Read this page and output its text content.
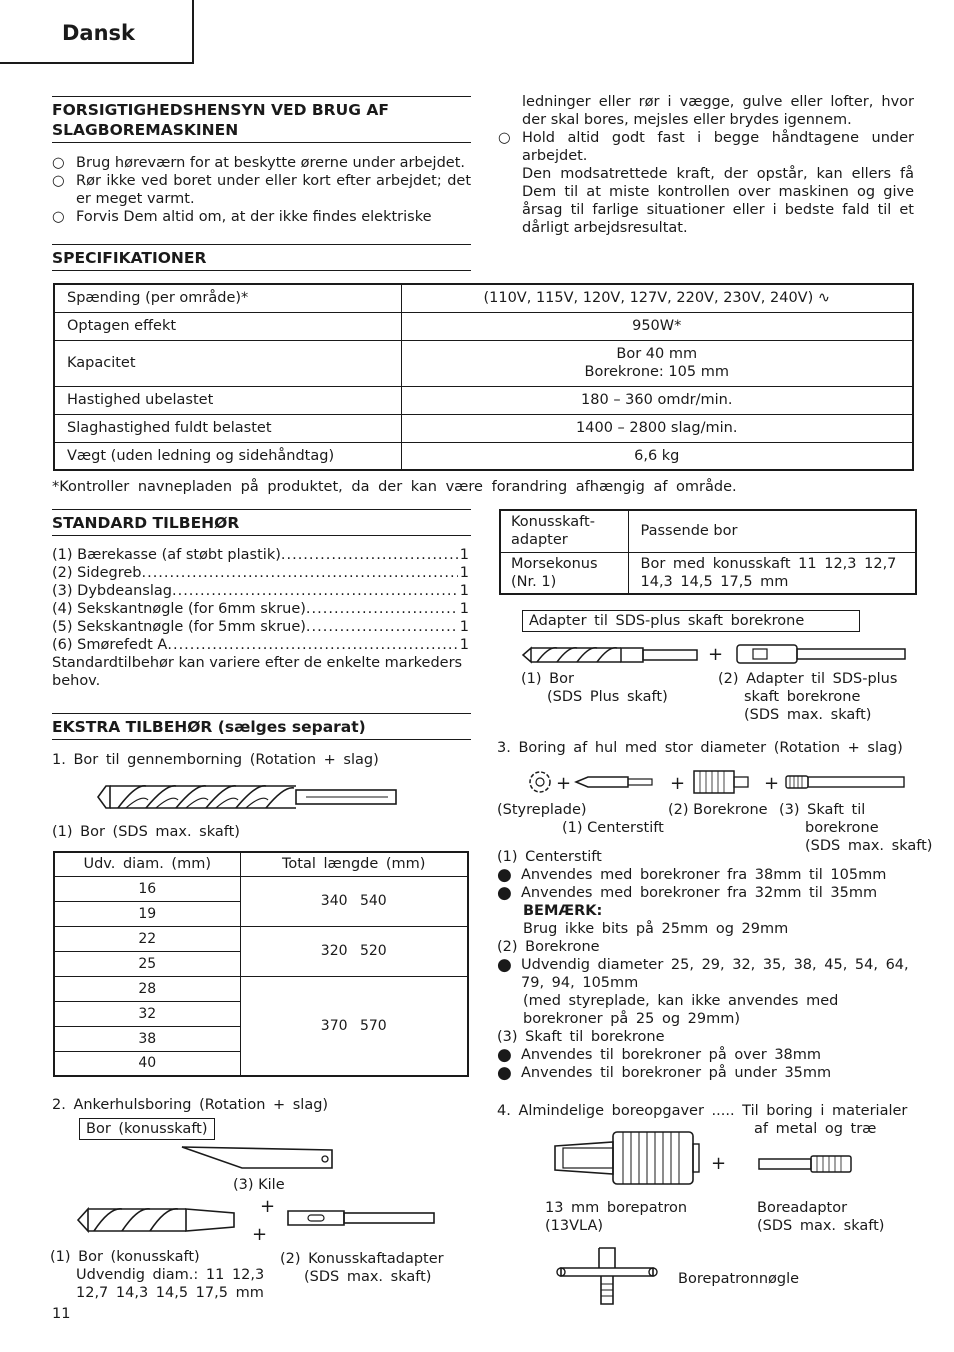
Dansk
FORSIGTIGHEDSHENSYN VED BRUG AF
SLAGBOREMASKINEN
○ Brug høreværn for at beskytte ørerne under arbejdet.
○ Rør ikke ved boret under eller kort efter arbejdet; det er meget varmt.
○ Forvis Dem altid om, at der ikke findes elektriske
ledninger eller rør i vægge, gulve eller lofter, hvor der skal bores, mejsles eller brydes igennem.
○ Hold altid godt fast i begge håndtagene under arbejdet.
Den modsatrettede kraft, der opstår, kan ellers få Dem til at miste kontrollen over maskinen og give årsag til farlige situationer eller i bedste fald til et dårligt arbejdsresultat.
SPECIFIKATIONER
Spænding (per område)*	(110V, 115V, 120V, 127V, 220V, 230V, 240V) ∿
Optagen effekt	950W*
Kapacitet	Bor 40 mm
Borekrone: 105 mm

Hastighed ubelastet	180 – 360 omdr/min.
Slaghastighed fuldt belastet	1400 – 2800 slag/min.
Vægt (uden ledning og sidehåndtag)	6,6 kg
*Kontroller navnepladen på produktet, da der kan være forandring afhængig af område.
STANDARD TILBEHØR
(1) Bærekasse (af støbt plastik) .....	1
(2) Sidegreb .....	1
(3) Dybdeanslag .....	1
(4) Sekskantnøgle (for 6mm skrue) .....	1
(5) Sekskantnøgle (for 5mm skrue) .....	1
(6) Smørefedt A .....	1
Standardtilbehør kan variere efter de enkelte markeders behov.
EKSTRA TILBEHØR (sælges separat)
1. Bor til gennemborning (Rotation + slag)
(1) Bor (SDS max. skaft)
Udv. diam. (mm)	Total længde (mm)
16	340 540
19	
22	320 520
25	
28	370 570
32	
38	
40	
2. Ankerhulsboring (Rotation + slag)
Bor (konusskaft)
(3) Kile
+
+
(1) Bor (konusskaft)
Udvendig diam.: 11 12,3
12,7 14,3 14,5 17,5 mm
(2) Konusskaftadapter
(SDS max. skaft)
11
Konusskaft-adapter	Passende bor
Morsekonus (Nr. 1)	Bor med konusskaft 11 12,3 12,7 14,3 14,5 17,5 mm
Adapter til SDS-plus skaft borekrone
+
(1) Bor
(SDS Plus skaft)
(2) Adapter til SDS-plus
skaft borekrone
(SDS max. skaft)
3. Boring af hul med stor diameter (Rotation + slag)
+	+	+
(Styreplade)
(1) Centerstift
(2) Borekrone (3) Skaft til
borekrone
(SDS max. skaft)
(1) Centerstift
● Anvendes med borekroner fra 38mm til 105mm
● Anvendes med borekroner fra 32mm til 35mm
BEMÆRK:
Brug ikke bits på 25mm og 29mm
(2) Borekrone
● Udvendig diameter 25, 29, 32, 35, 38, 45, 54, 64, 79, 94, 105mm
(med styreplade, kan ikke anvendes med borekroner på 25 og 29mm)
(3) Skaft til borekrone
● Anvendes til borekroner på over 38mm
● Anvendes til borekroner på under 35mm
4. Almindelige boreopgaver ..... Til boring i materialer
af metal og træ
+
13 mm borepatron
(13VLA)
Boreadaptor
(SDS max. skaft)
Borepatronnøgle
